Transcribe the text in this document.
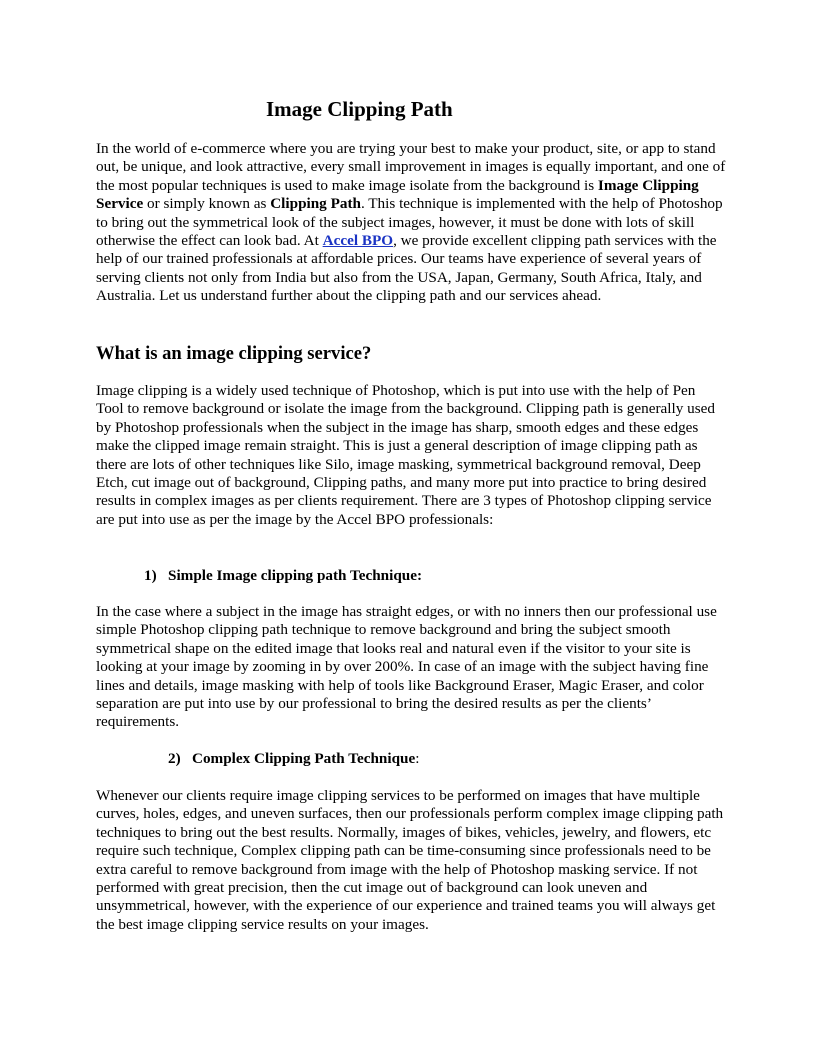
Image Clipping Path

In the world of e-commerce where you are trying your best to make your product, site, or app to stand out, be unique, and look attractive, every small improvement in images is equally important, and one of the most popular techniques is used to make image isolate from the background is Image Clipping Service or simply known as Clipping Path. This technique is implemented with the help of Photoshop to bring out the symmetrical look of the subject images, however, it must be done with lots of skill otherwise the effect can look bad. At Accel BPO, we provide excellent clipping path services with the help of our trained professionals at affordable prices. Our teams have experience of several years of serving clients not only from India but also from the USA, Japan, Germany, South Africa, Italy, and Australia. Let us understand further about the clipping path and our services ahead.

What is an image clipping service?

Image clipping is a widely used technique of Photoshop, which is put into use with the help of Pen Tool to remove background or isolate the image from the background. Clipping path is generally used by Photoshop professionals when the subject in the image has sharp, smooth edges and these edges make the clipped image remain straight. This is just a general description of image clipping path as there are lots of other techniques like Silo, image masking, symmetrical background removal, Deep Etch, cut image out of background, Clipping paths, and many more put into practice to bring desired results in complex images as per clients requirement. There are 3 types of Photoshop clipping service are put into use as per the image by the Accel BPO professionals:

1) Simple Image clipping path Technique:

In the case where a subject in the image has straight edges, or with no inners then our professional use simple Photoshop clipping path technique to remove background and bring the subject smooth symmetrical shape on the edited image that looks real and natural even if the visitor to your site is looking at your image by zooming in by over 200%. In case of an image with the subject having fine lines and details, image masking with help of tools like Background Eraser, Magic Eraser, and color separation are put into use by our professional to bring the desired results as per the clients’ requirements.

2) Complex Clipping Path Technique:

Whenever our clients require image clipping services to be performed on images that have multiple curves, holes, edges, and uneven surfaces, then our professionals perform complex image clipping path techniques to bring out the best results. Normally, images of bikes, vehicles, jewelry, and flowers, etc require such technique, Complex clipping path can be time-consuming since professionals need to be extra careful to remove background from image with the help of Photoshop masking service. If not performed with great precision, then the cut image out of background can look uneven and unsymmetrical, however, with the experience of our experience and trained teams you will always get the best image clipping service results on your images.
